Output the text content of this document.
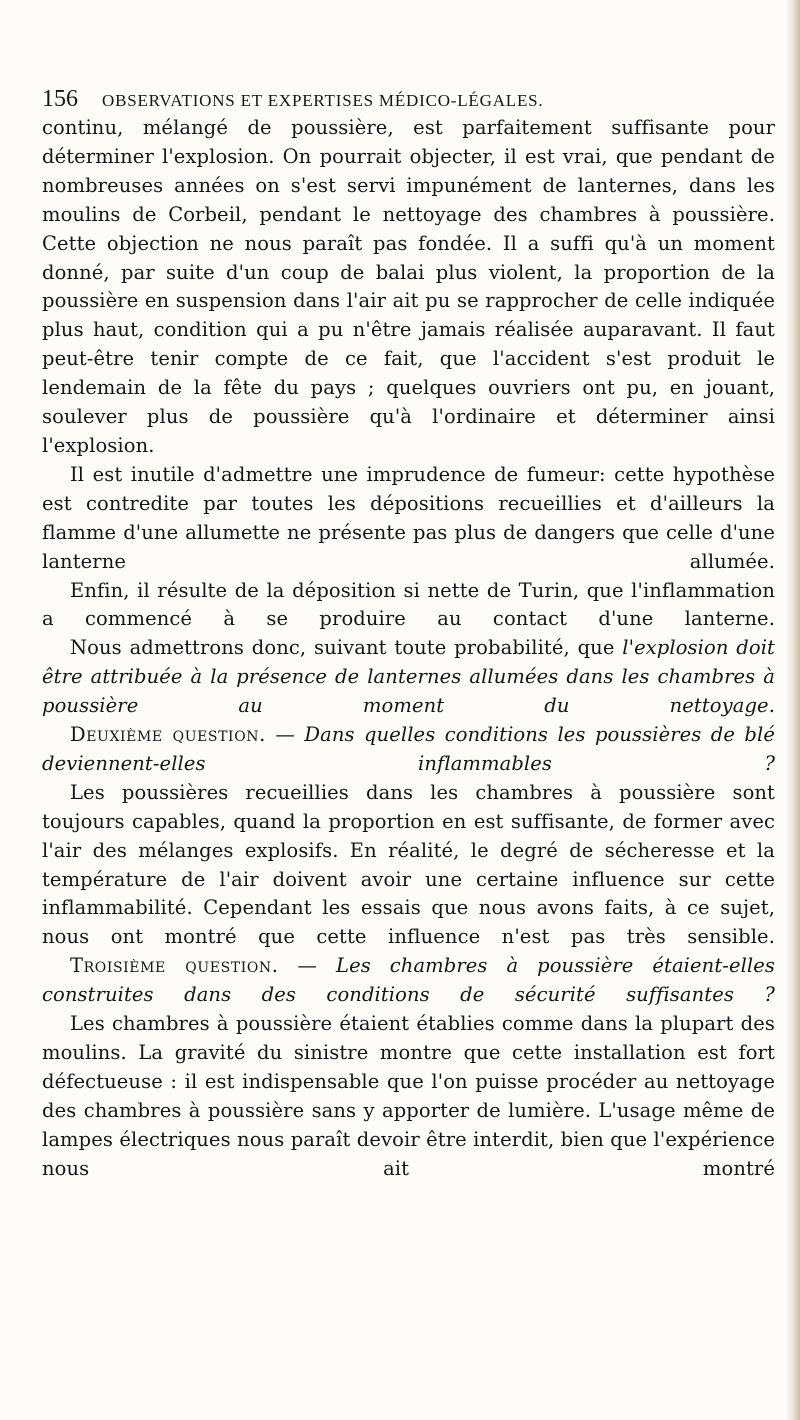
156 OBSERVATIONS ET EXPERTISES MÉDICO-LÉGALES.

continu, mélangé de poussière, est parfaitement suffisante pour déterminer l'explosion. On pourrait objecter, il est vrai, que pendant de nombreuses années on s'est servi impunément de lanternes, dans les moulins de Corbeil, pendant le nettoyage des chambres à poussière. Cette objection ne nous paraît pas fondée. Il a suffi qu'à un moment donné, par suite d'un coup de balai plus violent, la proportion de la poussière en suspension dans l'air ait pu se rapprocher de celle indiquée plus haut, condition qui a pu n'être jamais réalisée auparavant. Il faut peut-être tenir compte de ce fait, que l'accident s'est produit le lendemain de la fête du pays ; quelques ouvriers ont pu, en jouant, soulever plus de poussière qu'à l'ordinaire et déterminer ainsi l'explosion.

Il est inutile d'admettre une imprudence de fumeur: cette hypothèse est contredite par toutes les dépositions recueillies et d'ailleurs la flamme d'une allumette ne présente pas plus de dangers que celle d'une lanterne allumée.

Enfin, il résulte de la déposition si nette de Turin, que l'inflammation a commencé à se produire au contact d'une lanterne.

Nous admettrons donc, suivant toute probabilité, que l'explosion doit être attribuée à la présence de lanternes allumées dans les chambres à poussière au moment du nettoyage.

Deuxième question. — Dans quelles conditions les poussières de blé deviennent-elles inflammables ?

Les poussières recueillies dans les chambres à poussière sont toujours capables, quand la proportion en est suffisante, de former avec l'air des mélanges explosifs. En réalité, le degré de sécheresse et la température de l'air doivent avoir une certaine influence sur cette inflammabilité. Cependant les essais que nous avons faits, à ce sujet, nous ont montré que cette influence n'est pas très sensible.

Troisième question. — Les chambres à poussière étaient-elles construites dans des conditions de sécurité suffisantes ?

Les chambres à poussière étaient établies comme dans la plupart des moulins. La gravité du sinistre montre que cette installation est fort défectueuse : il est indispensable que l'on puisse procéder au nettoyage des chambres à poussière sans y apporter de lumière. L'usage même de lampes électriques nous paraît devoir être interdit, bien que l'expérience nous ait montré
